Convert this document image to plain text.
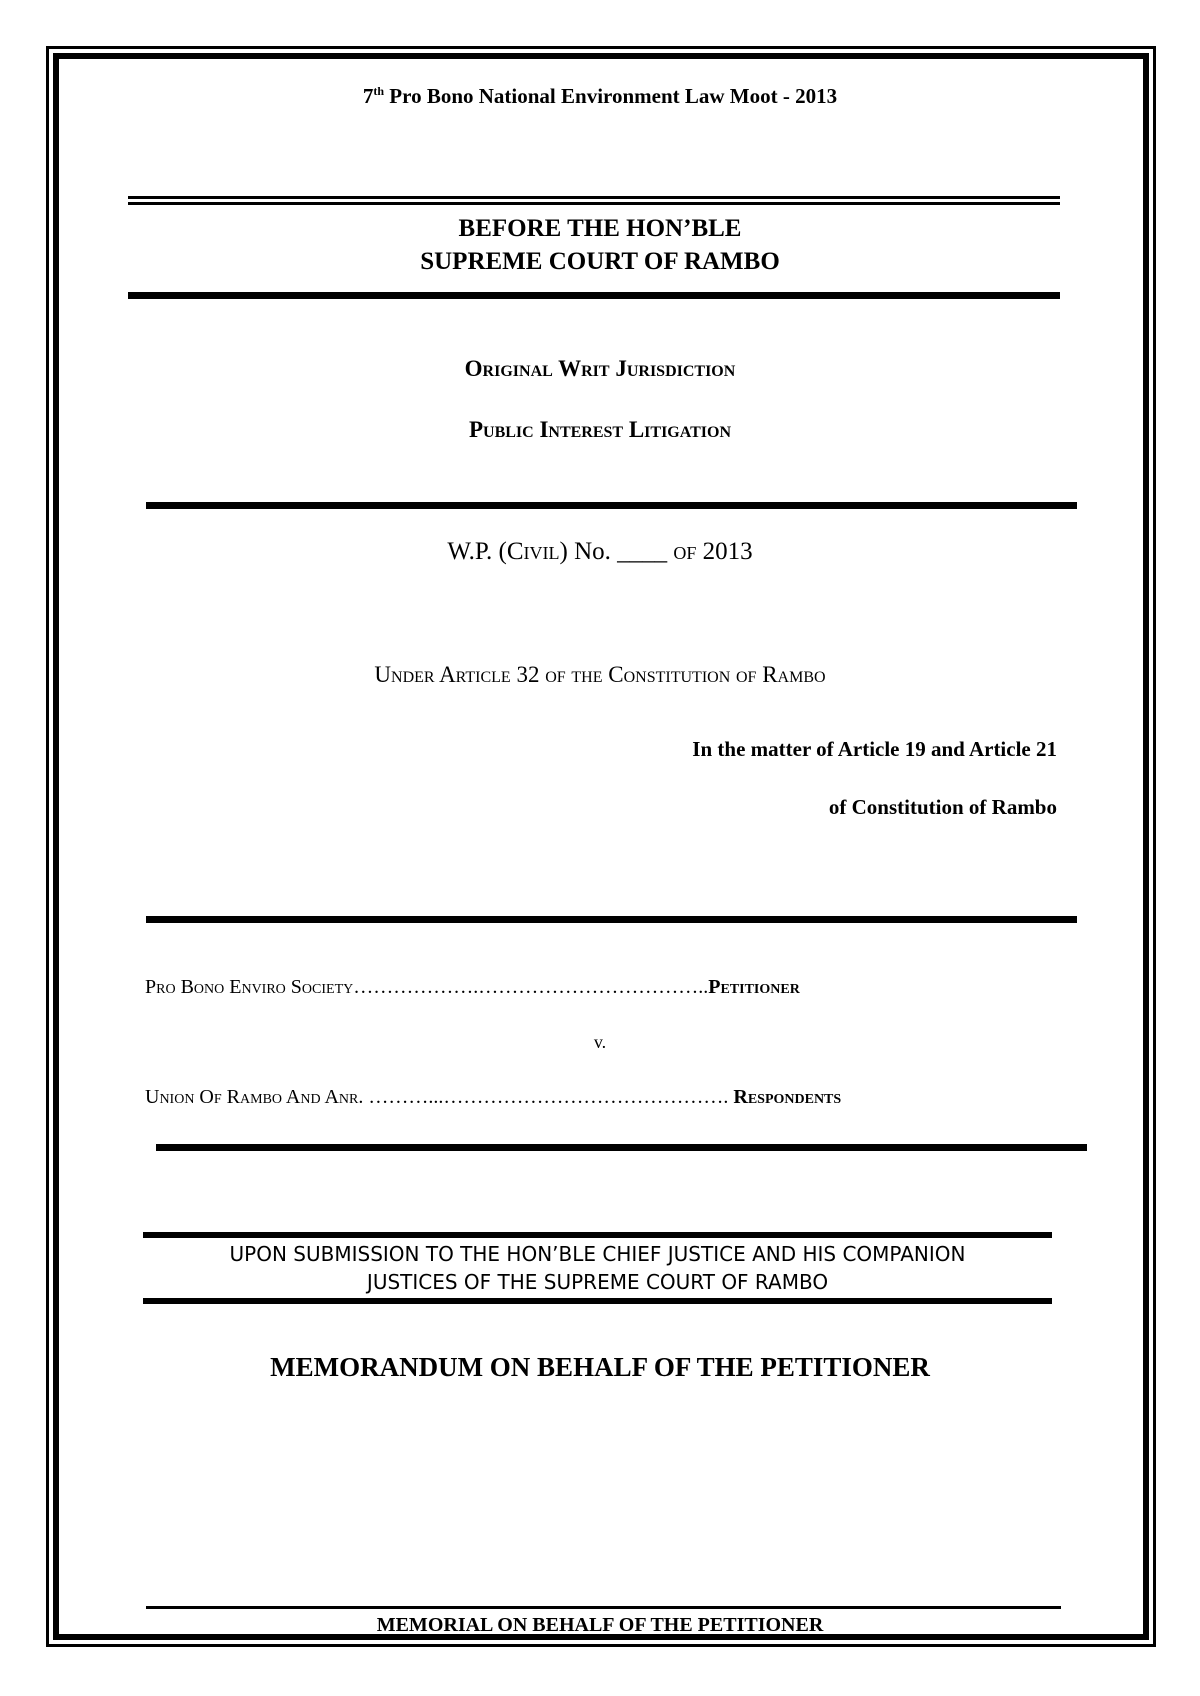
7th Pro Bono National Environment Law Moot - 2013
BEFORE THE HON’BLE
SUPREME COURT OF RAMBO
Original Writ Jurisdiction
Public Interest Litigation
W.P. (Civil) No. ____ of 2013
Under Article 32 of the Constitution of Rambo
In the matter of Article 19 and Article 21
of Constitution of Rambo
Pro Bono Enviro Society……………….……………………………..Petitioner
v.
Union Of Rambo And Anr. ………...……………………………………. Respondents
UPON SUBMISSION TO THE HON’BLE CHIEF JUSTICE AND HIS COMPANION
JUSTICES OF THE SUPREME COURT OF RAMBO
MEMORANDUM ON BEHALF OF THE PETITIONER
MEMORIAL ON BEHALF OF THE PETITIONER
